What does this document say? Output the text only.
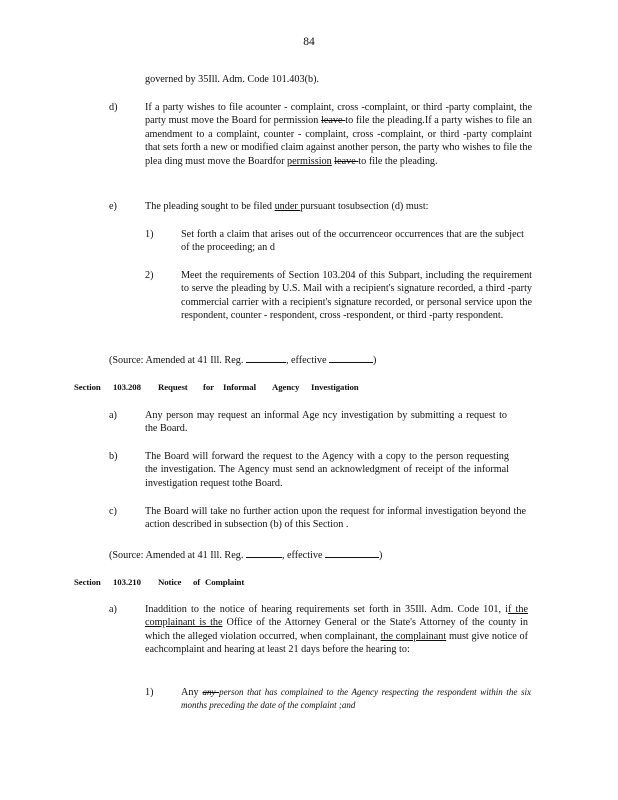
84
governed by 35Ill. Adm. Code 101.403(b).
1)	Set forth a claim that arises out of the occurrenceor occurrences that are the subject of the proceeding; an d
2)	Meet the requirements of Section 103.204 of this Subpart, including the requirement to serve the pleading by U.S. Mail with a recipient's signature recorded, a third -party commercial carrier with a recipient's signature recorded, or personal service upon the respondent, counter - respondent, cross -respondent, or third -party respondent.
(Source: Amended at 41 Ill. Reg.	, effective	)
Section 103.208 Request for Informal Agency Investigation
a)	Any person may request an informal Age ncy investigation by submitting a request to the Board.
b)	The Board will forward the request to the Agency with a copy to the person requesting the investigation. The Agency must send an acknowledgment of receipt of the informal investigation request tothe Board.
c)	The Board will take no further action upon the request for informal investigation beyond the action described in subsection (b) of this Section .
(Source: Amended at 41 Ill. Reg.	, effective	)
Section 103.210 Notice of Complaint
a)	Inaddition to the notice of hearing requirements set forth in 35Ill. Adm. Code 101, if the complainant is the Office of the Attorney General or the State's Attorney of the county in which the alleged violation occurred, when complainant, the complainant must give notice of eachcomplaint and hearing at least 21 days before the hearing to:
1)	Any any person that has complained to the Agency respecting the respondent within the six months preceding the date of the complaint ;and
d)	If a party wishes to file acounter - complaint, cross -complaint, or third -party complaint, the party must move the Board for permission leave to file the pleading.If a party wishes to file an amendment to a complaint, counter - complaint, cross -complaint, or third -party complaint that sets forth a new or modified claim against another person, the party who wishes to file the plea ding must move the Boardfor permission leave to file the pleading.
e)	The pleading sought to be filed under pursuant tosubsection (d) must:
